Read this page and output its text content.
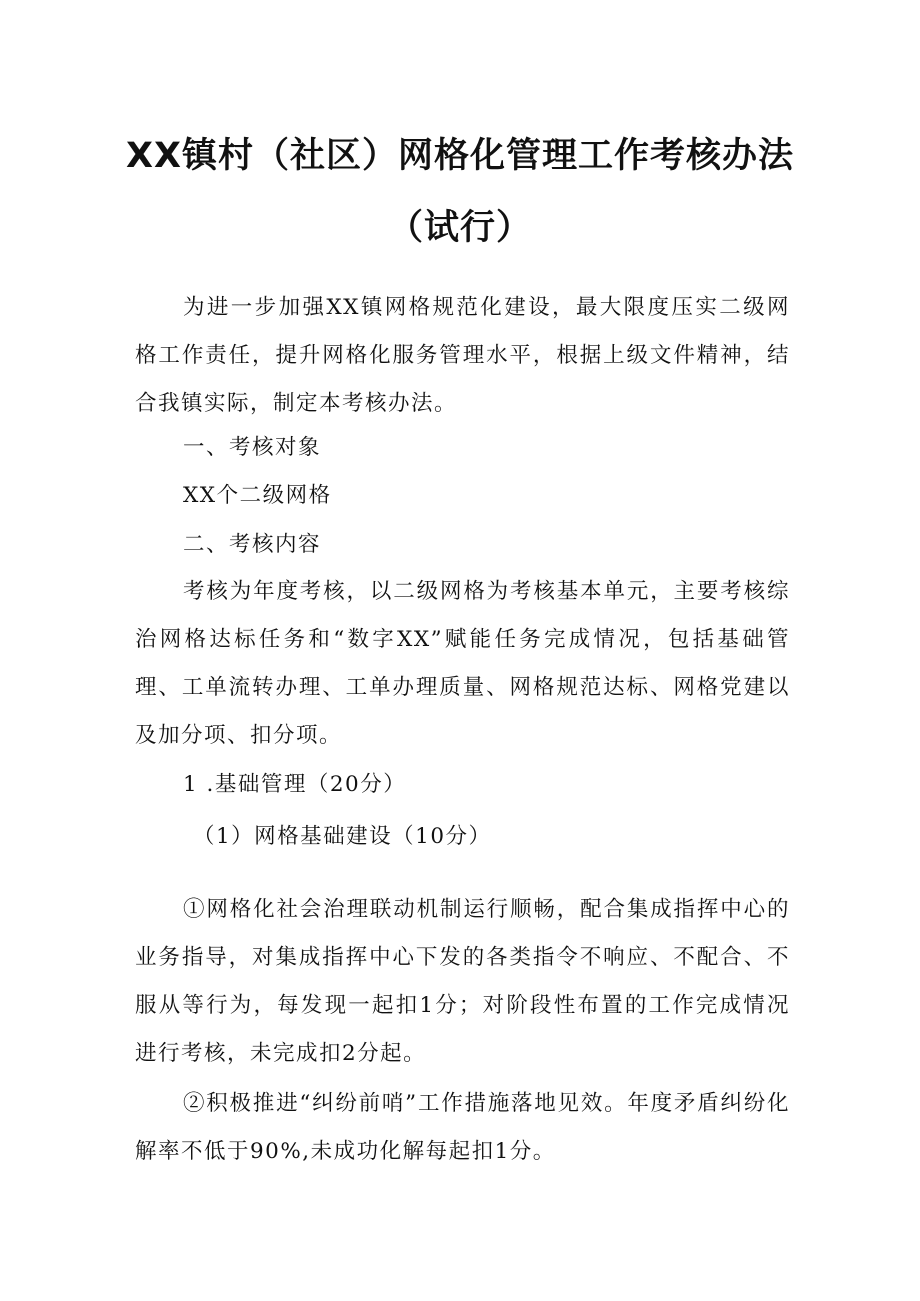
XX镇村（社区）网格化管理工作考核办法
（试行）
为进一步加强XX镇网格规范化建设，最大限度压实二级网格工作责任，提升网格化服务管理水平，根据上级文件精神，结合我镇实际，制定本考核办法。
一、考核对象
XX个二级网格
二、考核内容
考核为年度考核，以二级网格为考核基本单元，主要考核综治网格达标任务和“数字XX”赋能任务完成情况，包括基础管理、工单流转办理、工单办理质量、网格规范达标、网格党建以及加分项、扣分项。
1 .基础管理（20分）
（1）网格基础建设（10分）
①网格化社会治理联动机制运行顺畅，配合集成指挥中心的业务指导，对集成指挥中心下发的各类指令不响应、不配合、不服从等行为，每发现一起扣1分；对阶段性布置的工作完成情况进行考核，未完成扣2分起。
②积极推进“纠纷前哨”工作措施落地见效。年度矛盾纠纷化解率不低于90%,未成功化解每起扣1分。
